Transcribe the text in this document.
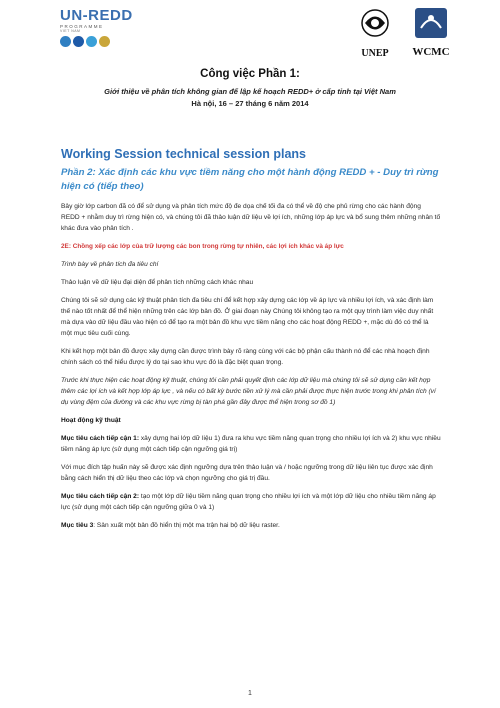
UN-REDD
PROGRAMME
VIET NAM
UNEP	WCMC
Công việc Phần 1:
Giới thiệu về phân tích không gian để lập kế hoạch REDD+ ở cấp tỉnh tại Việt Nam
Hà nội, 16 – 27 tháng 6 năm 2014
Working Session technical session plans
Phần 2: Xác định các khu vực tiềm năng cho một hành động REDD + - Duy trì rừng hiện có (tiếp theo)

Bây giờ lớp carbon đã có để sử dụng và phân tích mức độ đe dọa chế tối đa có thể về độ che phủ rừng cho các hành động REDD + nhằm duy trì rừng hiện có, và chúng tôi đã thảo luận dữ liệu về lợi ích, những lớp áp lực và bổ sung thêm những nhân tố khác đưa vào phân tích .

2E: Chồng xếp các lớp của trữ lượng các bon trong rừng tự nhiên, các lợi ích khác và áp lực

Trình bày về phân tích đa tiêu chí

Thảo luận về dữ liệu đại diện để phân tích những cách khác nhau

Chúng tôi sẽ sử dụng các kỹ thuật phân tích đa tiêu chí để kết hợp xây dựng các lớp về áp lực và nhiều lợi ích, và xác định làm thế nào tốt nhất để thể hiện những trên các lớp bản đồ. Ở giai đoạn này Chúng tôi không tạo ra một quy trình làm việc duy nhất mà dựa vào dữ liệu đầu vào hiện có để tạo ra một bản đồ khu vực tiềm năng cho các hoạt động REDD +, mặc dù đó có thể là một mục tiêu cuối cùng.

Khi kết hợp một bản đồ được xây dựng cần được trình bày rõ ràng cùng với các bộ phận cấu thành nó để các nhà hoạch định chính sách có thể hiểu được lý do tại sao khu vực đó là đặc biệt quan trọng.

Trước khi thực hiện các hoạt động kỹ thuật, chúng tôi cần phải quyết định các lớp dữ liệu mà chúng tôi sẽ sử dụng cần kết hợp thêm các lợi ích và kết hợp lớp áp lực , và nếu có bất kỳ bước tiền xử lý mà cần phải được thực hiện trước trong khi phân tích (ví dụ vùng đệm của đường và các khu vực rừng bị tàn phá gần đây được thể hiện trong sơ đồ 1)

Hoạt động kỹ thuật

Mục tiêu cách tiếp cận 1: xây dựng hai lớp dữ liệu 1) đưa ra khu vực tiềm năng quan trọng cho nhiều lợi ích và 2) khu vực nhiều tiềm năng áp lực (sử dụng một cách tiếp cận ngưỡng giá trị)

Với mục đích tập huấn này sẽ được xác định ngưỡng dựa trên thảo luận và / hoặc ngưỡng trong dữ liệu liên tục được xác định bằng cách hiển thị dữ liệu theo các lớp và chọn ngưỡng cho giá trị đầu.

Mục tiêu cách tiếp cận 2: tạo một lớp dữ liệu tiềm năng quan trọng cho nhiều lợi ích và một lớp dữ liệu cho nhiều tiềm năng áp lực (sử dụng một cách tiếp cận ngưỡng giữa 0 và 1)

Mục tiêu 3: Sản xuất một bản đồ hiển thị một ma trận hai bộ dữ liệu raster.

1
